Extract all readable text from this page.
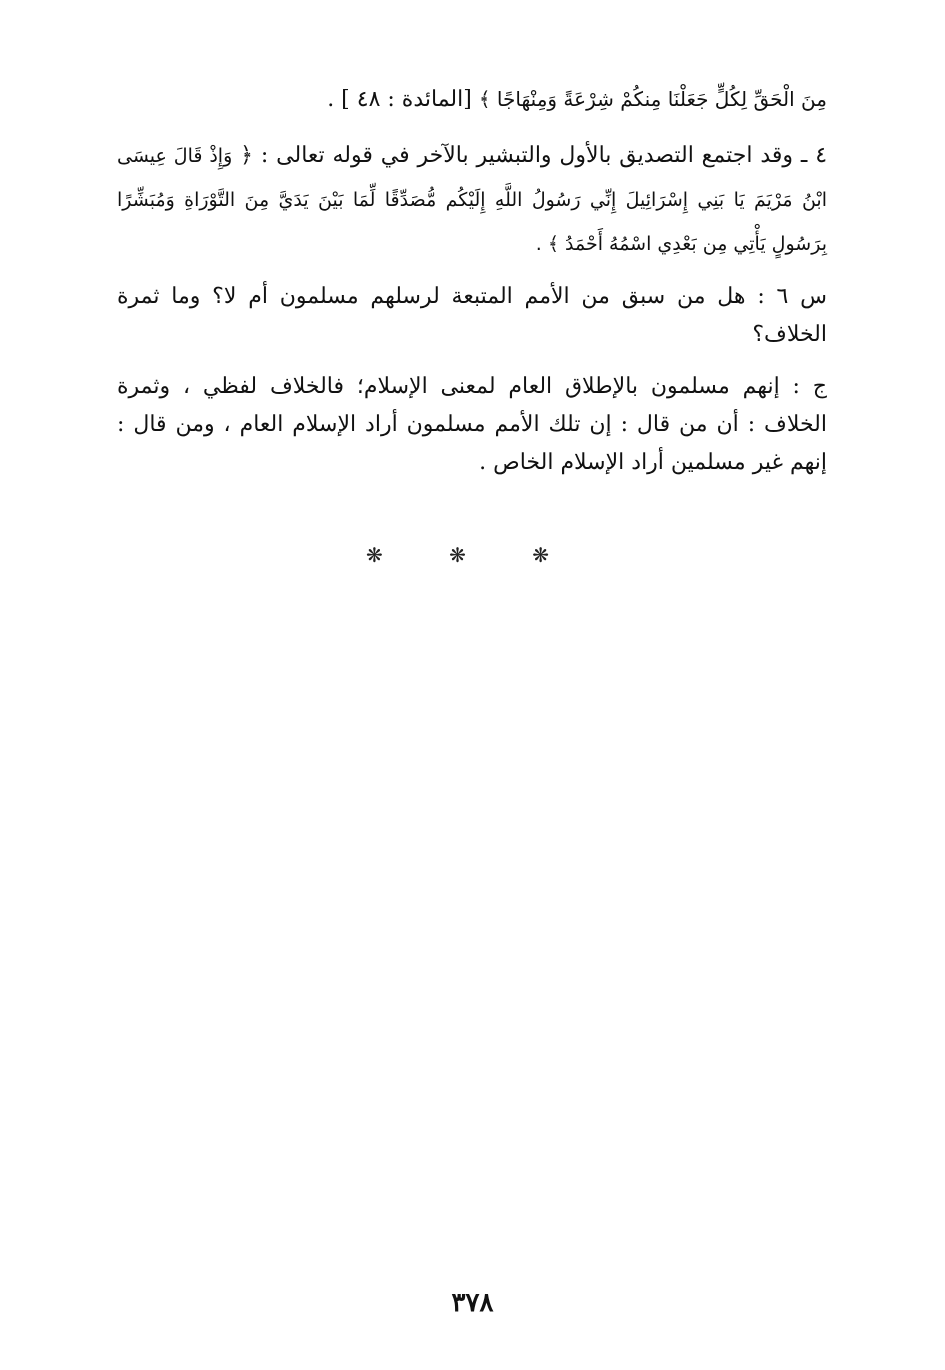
مِنَ الْحَقِّ لِكُلٍّ جَعَلْنَا مِنكُمْ شِرْعَةً وَمِنْهَاجًا ﴾ [المائدة : ٤٨ ] .
٤ ـ وقد اجتمع التصديق بالأول والتبشير بالآخر في قوله تعالى : ﴿ وَإِذْ قَالَ عِيسَى ابْنُ مَرْيَمَ يَا بَنِي إِسْرَائِيلَ إِنِّي رَسُولُ اللَّهِ إِلَيْكُم مُّصَدِّقًا لِّمَا بَيْنَ يَدَيَّ مِنَ التَّوْرَاةِ وَمُبَشِّرًا بِرَسُولٍ يَأْتِي مِن بَعْدِي اسْمُهُ أَحْمَدُ ﴾ .
س ٦ : هل من سبق من الأمم المتبعة لرسلهم مسلمون أم لا؟ وما ثمرة الخلاف؟
ج : إنهم مسلمون بالإطلاق العام لمعنى الإسلام؛ فالخلاف لفظي ، وثمرة الخلاف : أن من قال : إن تلك الأمم مسلمون أراد الإسلام العام ، ومن قال : إنهم غير مسلمين أراد الإسلام الخاص .
❋ ❋ ❋
٣٧٨
